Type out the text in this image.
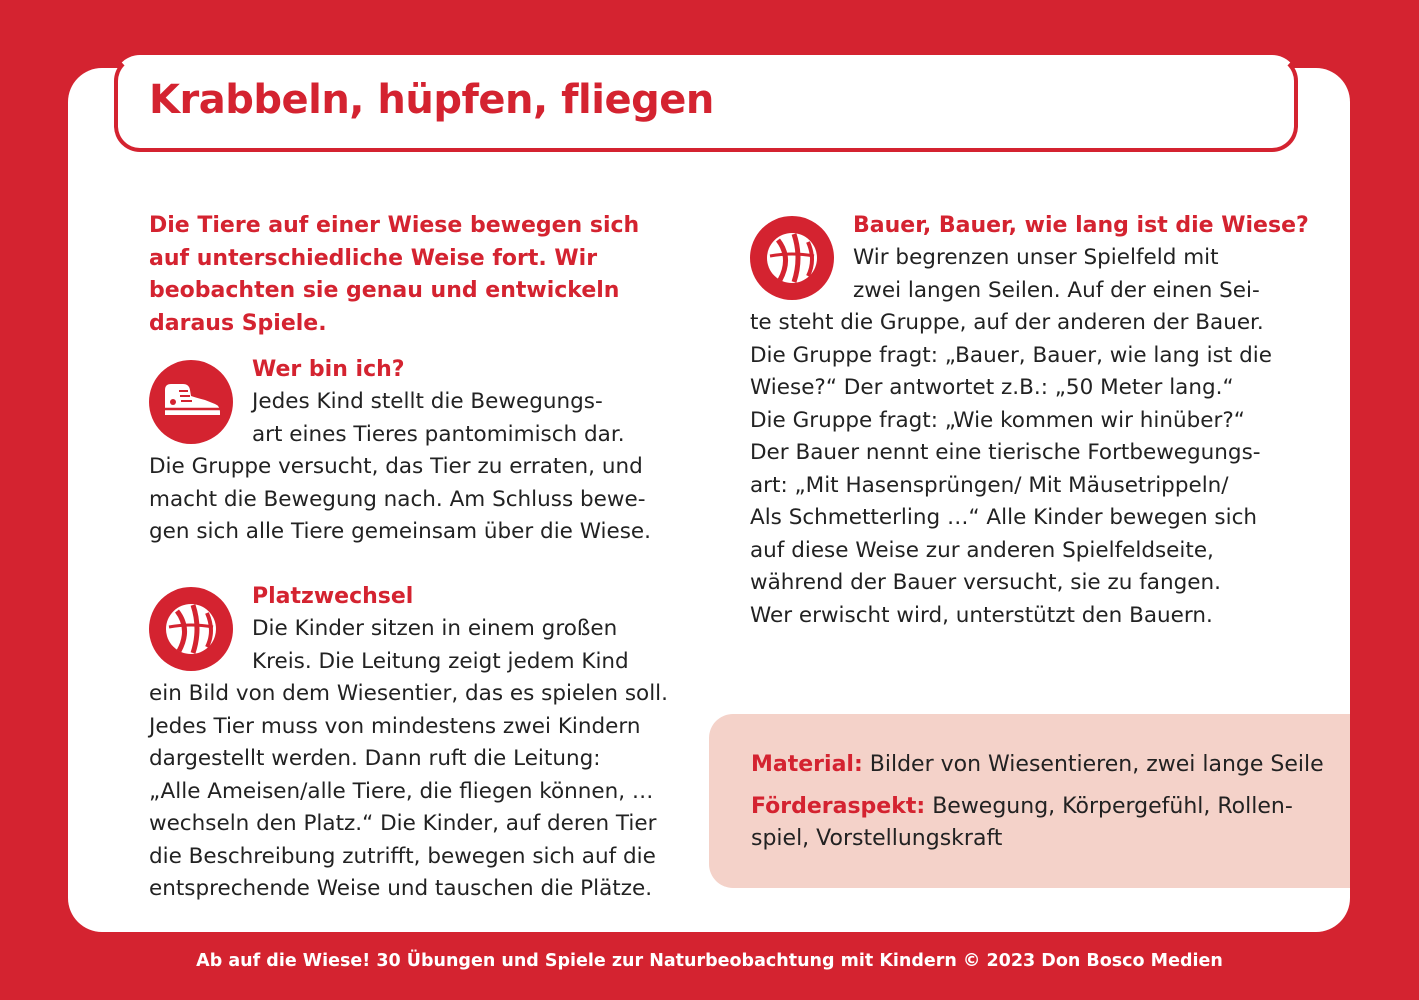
Krabbeln, hüpfen, fliegen

Die Tiere auf einer Wiese bewegen sich auf unterschiedliche Weise fort. Wir beobachten sie genau und entwickeln daraus Spiele.

Wer bin ich?
Jedes Kind stellt die Bewegungs-
art eines Tieres pantomimisch dar.
Die Gruppe versucht, das Tier zu erraten, und
macht die Bewegung nach. Am Schluss bewe-
gen sich alle Tiere gemeinsam über die Wiese.
Platzwechsel
Die Kinder sitzen in einem großen
Kreis. Die Leitung zeigt jedem Kind
ein Bild von dem Wiesentier, das es spielen soll.
Jedes Tier muss von mindestens zwei Kindern
dargestellt werden. Dann ruft die Leitung:
„Alle Ameisen/alle Tiere, die fliegen können, …
wechseln den Platz.“ Die Kinder, auf deren Tier
die Beschreibung zutrifft, bewegen sich auf die
entsprechende Weise und tauschen die Plätze.
Bauer, Bauer, wie lang ist die Wiese?
Wir begrenzen unser Spielfeld mit
zwei langen Seilen. Auf der einen Sei-
te steht die Gruppe, auf der anderen der Bauer.
Die Gruppe fragt: „Bauer, Bauer, wie lang ist die
Wiese?“ Der antwortet z.B.: „50 Meter lang.“
Die Gruppe fragt: „Wie kommen wir hinüber?“
Der Bauer nennt eine tierische Fortbewegungs-
art: „Mit Hasensprüngen/ Mit Mäusetrippeln/
Als Schmetterling …“ Alle Kinder bewegen sich
auf diese Weise zur anderen Spielfeldseite,
während der Bauer versucht, sie zu fangen.
Wer erwischt wird, unterstützt den Bauern.

Material: Bilder von Wiesentieren, zwei lange Seile

Förderaspekt: Bewegung, Körpergefühl, Rollen-

spiel, Vorstellungskraft

Ab auf die Wiese! 30 Übungen und Spiele zur Naturbeobachtung mit Kindern © 2023 Don Bosco Medien
